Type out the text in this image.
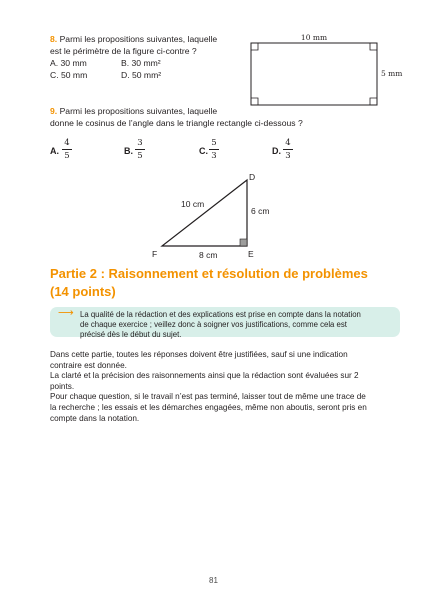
8. Parmi les propositions suivantes, laquelle
est le périmètre de la figure ci-contre ?
A. 30 mm	B. 30 mm²
C. 50 mm	D. 50 mm²
10 mm
5 mm
9. Parmi les propositions suivantes, laquelle
donne le cosinus de l’angle dans le triangle rectangle ci-dessous ?
A.
4
5	B.
3
5	C.
5
3	D.
4
3
D
E
F
10 cm
6 cm
8 cm
Partie 2 : Raisonnement et résolution de problèmes
(14 points)
⟶ La qualité de la rédaction et des explications est prise en compte dans la notation
de chaque exercice ; veillez donc à soigner vos justifications, comme cela est
précisé dès le début du sujet.
Dans cette partie, toutes les réponses doivent être justifiées, sauf si une indication
contraire est donnée.
La clarté et la précision des raisonnements ainsi que la rédaction sont évaluées sur 2
points.
Pour chaque question, si le travail n’est pas terminé, laisser tout de même une trace de
la recherche ; les essais et les démarches engagées, même non aboutis, seront pris en
compte dans la notation.
81
